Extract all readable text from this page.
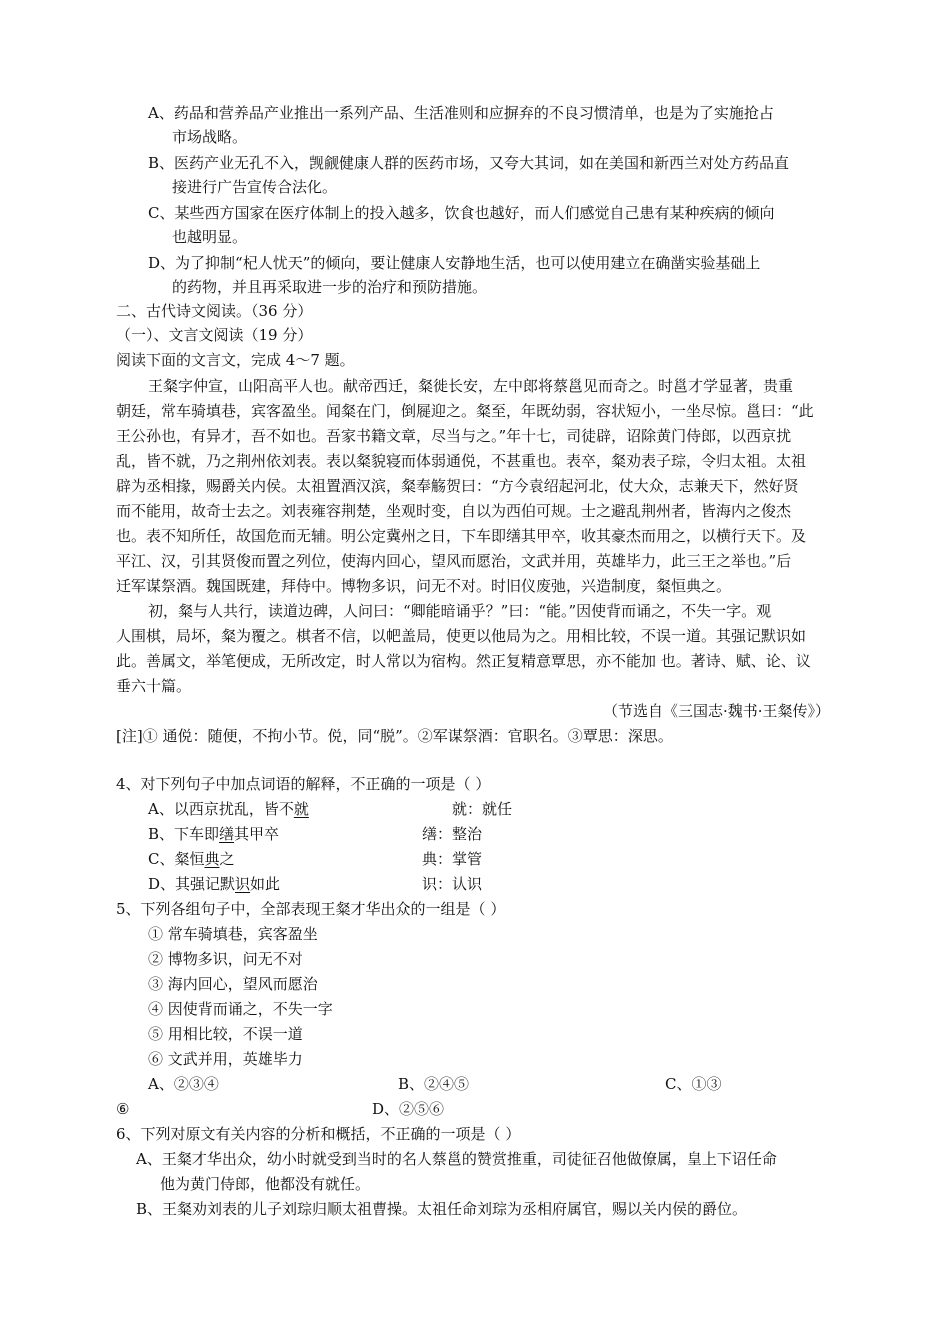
A、药品和营养品产业推出一系列产品、生活准则和应摒弃的不良习惯清单，也是为了实施抢占
市场战略。
B、医药产业无孔不入，觊觎健康人群的医药市场，又夸大其词，如在美国和新西兰对处方药品直
接进行广告宣传合法化。
C、某些西方国家在医疗体制上的投入越多，饮食也越好，而人们感觉自己患有某种疾病的倾向
也越明显。
D、为了抑制“杞人忧天”的倾向，要让健康人安静地生活，也可以使用建立在确凿实验基础上
的药物，并且再采取进一步的治疗和预防措施。
二、古代诗文阅读。（36 分）
（一）、文言文阅读（19 分）
阅读下面的文言文，完成 4～7 题。
王粲字仲宣，山阳高平人也。献帝西迁，粲徙长安，左中郎将蔡邕见而奇之。时邕才学显著，贵重
朝廷，常车骑填巷，宾客盈坐。闻粲在门，倒屣迎之。粲至，年既幼弱，容状短小，一坐尽惊。邕曰：“此
王公孙也，有异才，吾不如也。吾家书籍文章，尽当与之。”年十七，司徒辟，诏除黄门侍郎，以西京扰
乱，皆不就，乃之荆州依刘表。表以粲貌寝而体弱通侻，不甚重也。表卒，粲劝表子琮，令归太祖。太祖
辟为丞相掾，赐爵关内侯。太祖置酒汉滨，粲奉觞贺曰：“方今袁绍起河北，仗大众，志兼天下，然好贤
而不能用，故奇士去之。刘表雍容荆楚，坐观时变，自以为西伯可规。士之避乱荆州者，皆海内之俊杰
也。表不知所任，故国危而无辅。明公定冀州之日，下车即缮其甲卒，收其豪杰而用之，以横行天下。及
平江、汉，引其贤俊而置之列位，使海内回心，望风而愿治，文武并用，英雄毕力，此三王之举也。”后
迁军谋祭酒。魏国既建，拜侍中。博物多识，问无不对。时旧仪废弛，兴造制度，粲恒典之。
初，粲与人共行，读道边碑，人问曰：“卿能暗诵乎？”曰：“能。”因使背而诵之，不失一字。观
人围棋，局坏，粲为覆之。棋者不信，以帊盖局，使更以他局为之。用相比较，不误一道。其强记默识如
此。善属文，举笔便成，无所改定，时人常以为宿构。然正复精意覃思，亦不能加 也。著诗、赋、论、议
垂六十篇。
（节选自《三国志·魏书·王粲传》）
[注]① 通侻：随便，不拘小节。侻，同“脱”。②军谋祭酒：官职名。③覃思：深思。
4、对下列句子中加点词语的解释，不正确的一项是（ ）
A、以西京扰乱，皆不就	就：就任
B、下车即缮其甲卒	缮：整治
C、粲恒典之	典：掌管
D、其强记默识如此	识：认识
5、下列各组句子中，全部表现王粲才华出众的一组是（ ）
① 常车骑填巷，宾客盈坐
② 博物多识，问无不对
③ 海内回心，望风而愿治
④ 因使背而诵之，不失一字
⑤ 用相比较，不误一道
⑥ 文武并用，英雄毕力
A、②③④	B、②④⑤	C、①③
⑥	D、②⑤⑥
6、下列对原文有关内容的分析和概括，不正确的一项是（ ）
A、王粲才华出众，幼小时就受到当时的名人蔡邕的赞赏推重，司徒征召他做僚属，皇上下诏任命
他为黄门侍郎，他都没有就任。
B、王粲劝刘表的儿子刘琮归顺太祖曹操。太祖任命刘琮为丞相府属官，赐以关内侯的爵位。
